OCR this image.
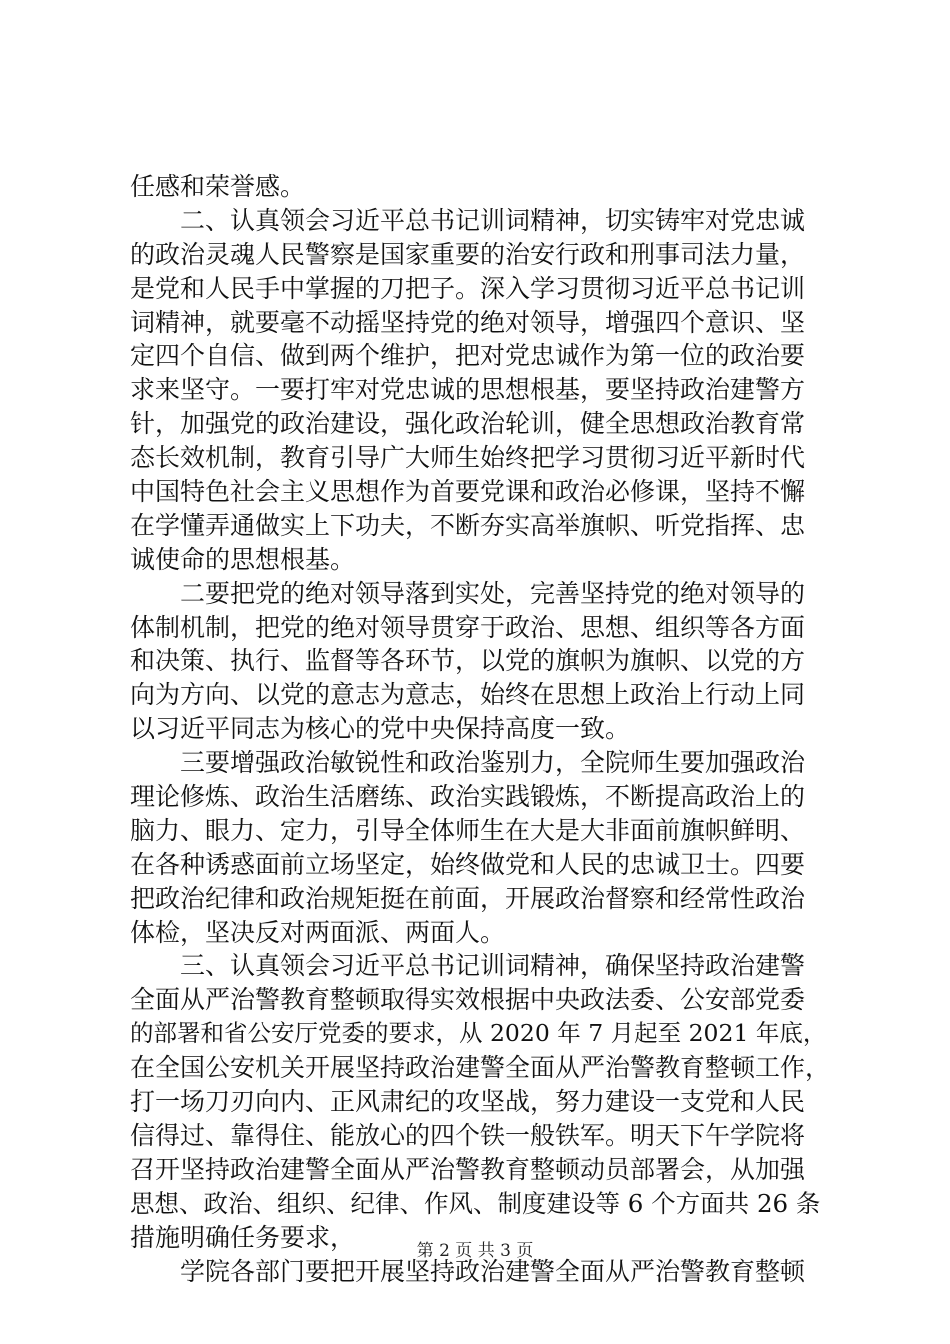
任感和荣誉感。
二、认真领会习近平总书记训词精神，切实铸牢对党忠诚
的政治灵魂人民警察是国家重要的治安行政和刑事司法力量，
是党和人民手中掌握的刀把子。深入学习贯彻习近平总书记训
词精神，就要毫不动摇坚持党的绝对领导，增强四个意识、坚
定四个自信、做到两个维护，把对党忠诚作为第一位的政治要
求来坚守。一要打牢对党忠诚的思想根基，要坚持政治建警方
针，加强党的政治建设，强化政治轮训，健全思想政治教育常
态长效机制，教育引导广大师生始终把学习贯彻习近平新时代
中国特色社会主义思想作为首要党课和政治必修课，坚持不懈
在学懂弄通做实上下功夫，不断夯实高举旗帜、听党指挥、忠
诚使命的思想根基。
二要把党的绝对领导落到实处，完善坚持党的绝对领导的
体制机制，把党的绝对领导贯穿于政治、思想、组织等各方面
和决策、执行、监督等各环节，以党的旗帜为旗帜、以党的方
向为方向、以党的意志为意志，始终在思想上政治上行动上同
以习近平同志为核心的党中央保持高度一致。
三要增强政治敏锐性和政治鉴别力，全院师生要加强政治
理论修炼、政治生活磨练、政治实践锻炼，不断提高政治上的
脑力、眼力、定力，引导全体师生在大是大非面前旗帜鲜明、
在各种诱惑面前立场坚定，始终做党和人民的忠诚卫士。四要
把政治纪律和政治规矩挺在前面，开展政治督察和经常性政治
体检，坚决反对两面派、两面人。
三、认真领会习近平总书记训词精神，确保坚持政治建警
全面从严治警教育整顿取得实效根据中央政法委、公安部党委
的部署和省公安厅党委的要求，从 2020 年 7 月起至 2021 年底，
在全国公安机关开展坚持政治建警全面从严治警教育整顿工作，
打一场刀刃向内、正风肃纪的攻坚战，努力建设一支党和人民
信得过、靠得住、能放心的四个铁一般铁军。明天下午学院将
召开坚持政治建警全面从严治警教育整顿动员部署会，从加强
思想、政治、组织、纪律、作风、制度建设等 6 个方面共 26 条
措施明确任务要求，
学院各部门要把开展坚持政治建警全面从严治警教育整顿
第 2 页 共 3 页
